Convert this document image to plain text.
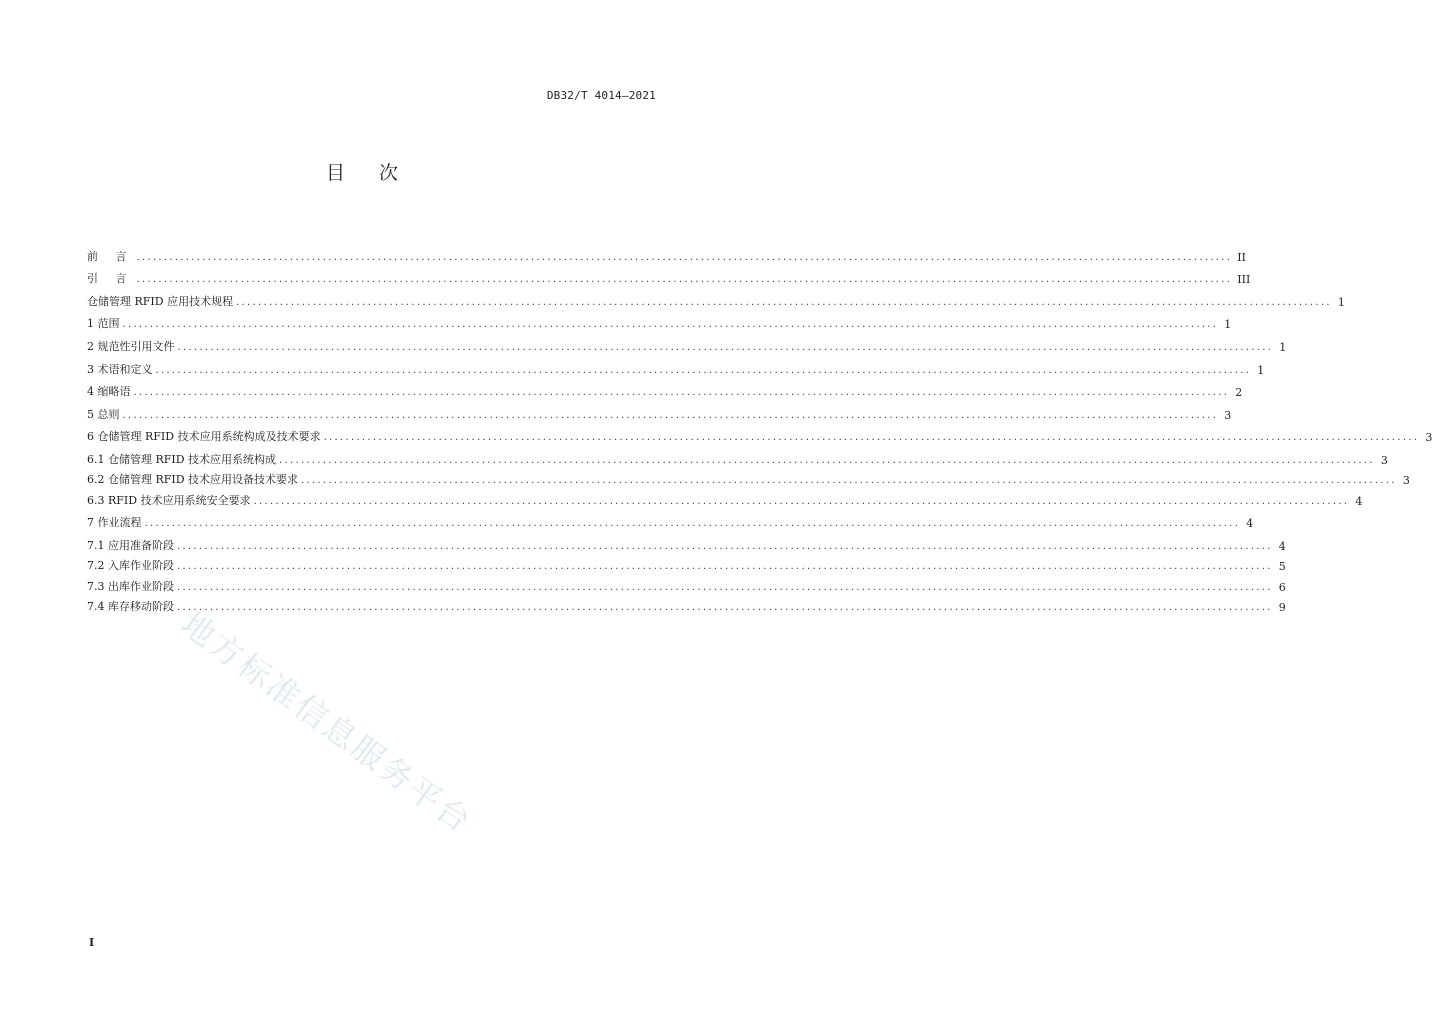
DB32/T 4014—2021
目 次
前 言 ........................................................................................................................................................................................................ II
引 言 ........................................................................................................................................................................................................ III
仓储管理 RFID 应用技术规程 ........................................................................................................................................................................................................ 1
1 范围 ........................................................................................................................................................................................................ 1
2 规范性引用文件 ........................................................................................................................................................................................................ 1
3 术语和定义 ........................................................................................................................................................................................................ 1
4 缩略语 ........................................................................................................................................................................................................ 2
5 总则 ........................................................................................................................................................................................................ 3
6 仓储管理 RFID 技术应用系统构成及技术要求 ........................................................................................................................................................................................................ 3
6.1 仓储管理 RFID 技术应用系统构成 ........................................................................................................................................................................................................ 3
6.2 仓储管理 RFID 技术应用设备技术要求 ........................................................................................................................................................................................................ 3
6.3 RFID 技术应用系统安全要求 ........................................................................................................................................................................................................ 4
7 作业流程 ........................................................................................................................................................................................................ 4
7.1 应用准备阶段 ........................................................................................................................................................................................................ 4
7.2 入库作业阶段 ........................................................................................................................................................................................................ 5
7.3 出库作业阶段 ........................................................................................................................................................................................................ 6
7.4 库存移动阶段 ........................................................................................................................................................................................................ 9
地方标准信息服务平台
I
